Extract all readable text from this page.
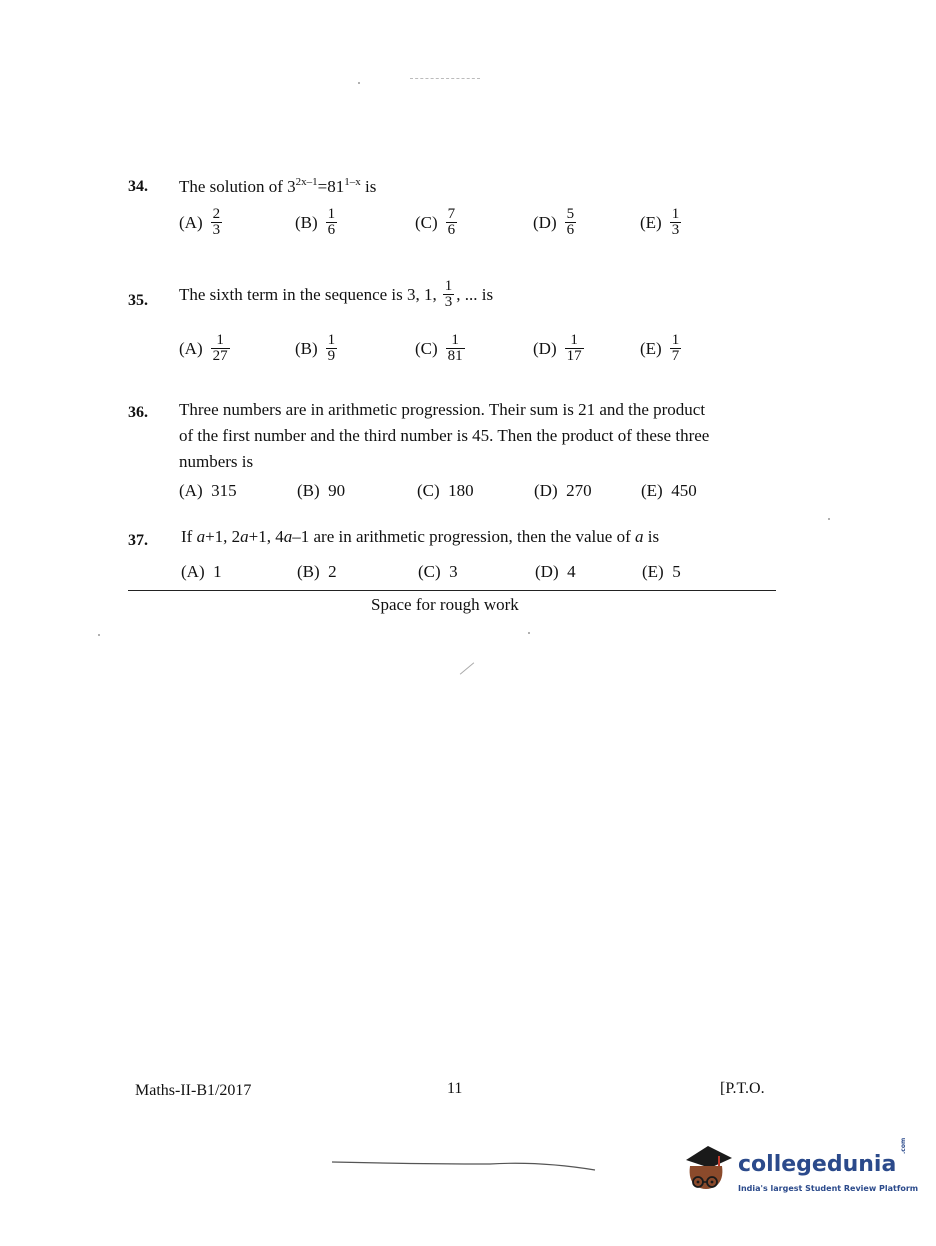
34. The solution of $3^{2x-1}=81^{1-x}$ is
$(A) \frac{2}{3}$	$(B) \frac{1}{6}$	$(C) \frac{7}{6}$	$(D) \frac{5}{6}$	$(E) \frac{1}{3}$
35. The sixth term in the sequence is 3, 1, $\frac{1}{3}$ , ... is
$(A) \frac{1}{27}$	$(B) \frac{1}{9}$	$(C) \frac{1}{81}$	$(D) \frac{1}{17}$	$(E) \frac{1}{7}$
36. Three numbers are in arithmetic progression. Their sum is 21 and the product
of the first number and the third number is 45. Then the product of these three
numbers is
(A)
315	(B)
90	(C)
180	(D)
270	(E)
450
37. If a+1, 2a+1, 4a–1 are in arithmetic progression, then the value of a is
(A)
1	(B)
2	(C)
3	(D)
4	(E)
5
Space for rough work
Maths-II-B1/2017	11	[P.T.O.
collegedunia
.com
India's largest Student Review Platform
